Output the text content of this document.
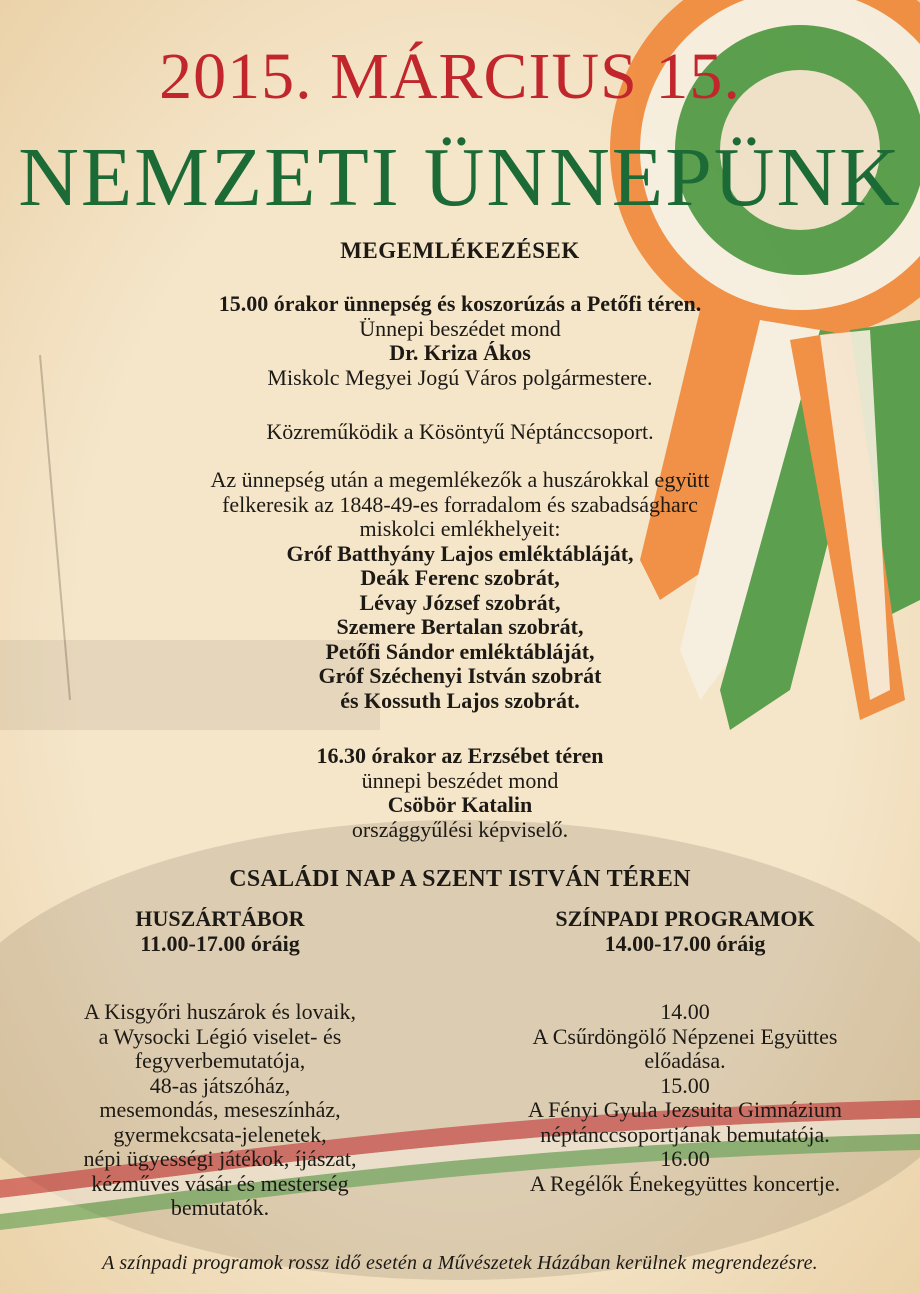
2015. MÁRCIUS 15.
NEMZETI ÜNNEPÜNK
MEGEMLÉKEZÉSEK

15.00 órakor ünnepség és koszorúzás a Petőfi téren.

Ünnepi beszédet mond

Dr. Kriza Ákos

Miskolc Megyei Jogú Város polgármestere.

Közreműködik a Kösöntyű Néptánccsoport.

Az ünnepség után a megemlékezők a huszárokkal együtt

felkeresik az 1848-49-es forradalom és szabadságharc

miskolci emlékhelyeit:

Gróf Batthyány Lajos emléktábláját,

Deák Ferenc szobrát,

Lévay József szobrát,

Szemere Bertalan szobrát,

Petőfi Sándor emléktábláját,

Gróf Széchenyi István szobrát

és Kossuth Lajos szobrát.

16.30 órakor az Erzsébet téren

ünnepi beszédet mond

Csöbör Katalin

országgyűlési képviselő.

CSALÁDI NAP A SZENT ISTVÁN TÉREN
HUSZÁRTÁBOR
11.00-17.00 óráig

A Kisgyőri huszárok és lovaik,

a Wysocki Légió viselet- és

fegyverbemutatója,

48-as játszóház,

mesemondás, meseszínház,

gyermekcsata-jelenetek,

népi ügyességi játékok, íjászat,

kézműves vásár és mesterség

bemutatók.

SZÍNPADI PROGRAMOK
14.00-17.00 óráig

14.00

A Csűrdöngölő Népzenei Együttes

előadása.

15.00

A Fényi Gyula Jezsuita Gimnázium

néptánccsoportjának bemutatója.

16.00

A Regélők Énekegyüttes koncertje.

A színpadi programok rossz idő esetén a Művészetek Házában kerülnek megrendezésre.
